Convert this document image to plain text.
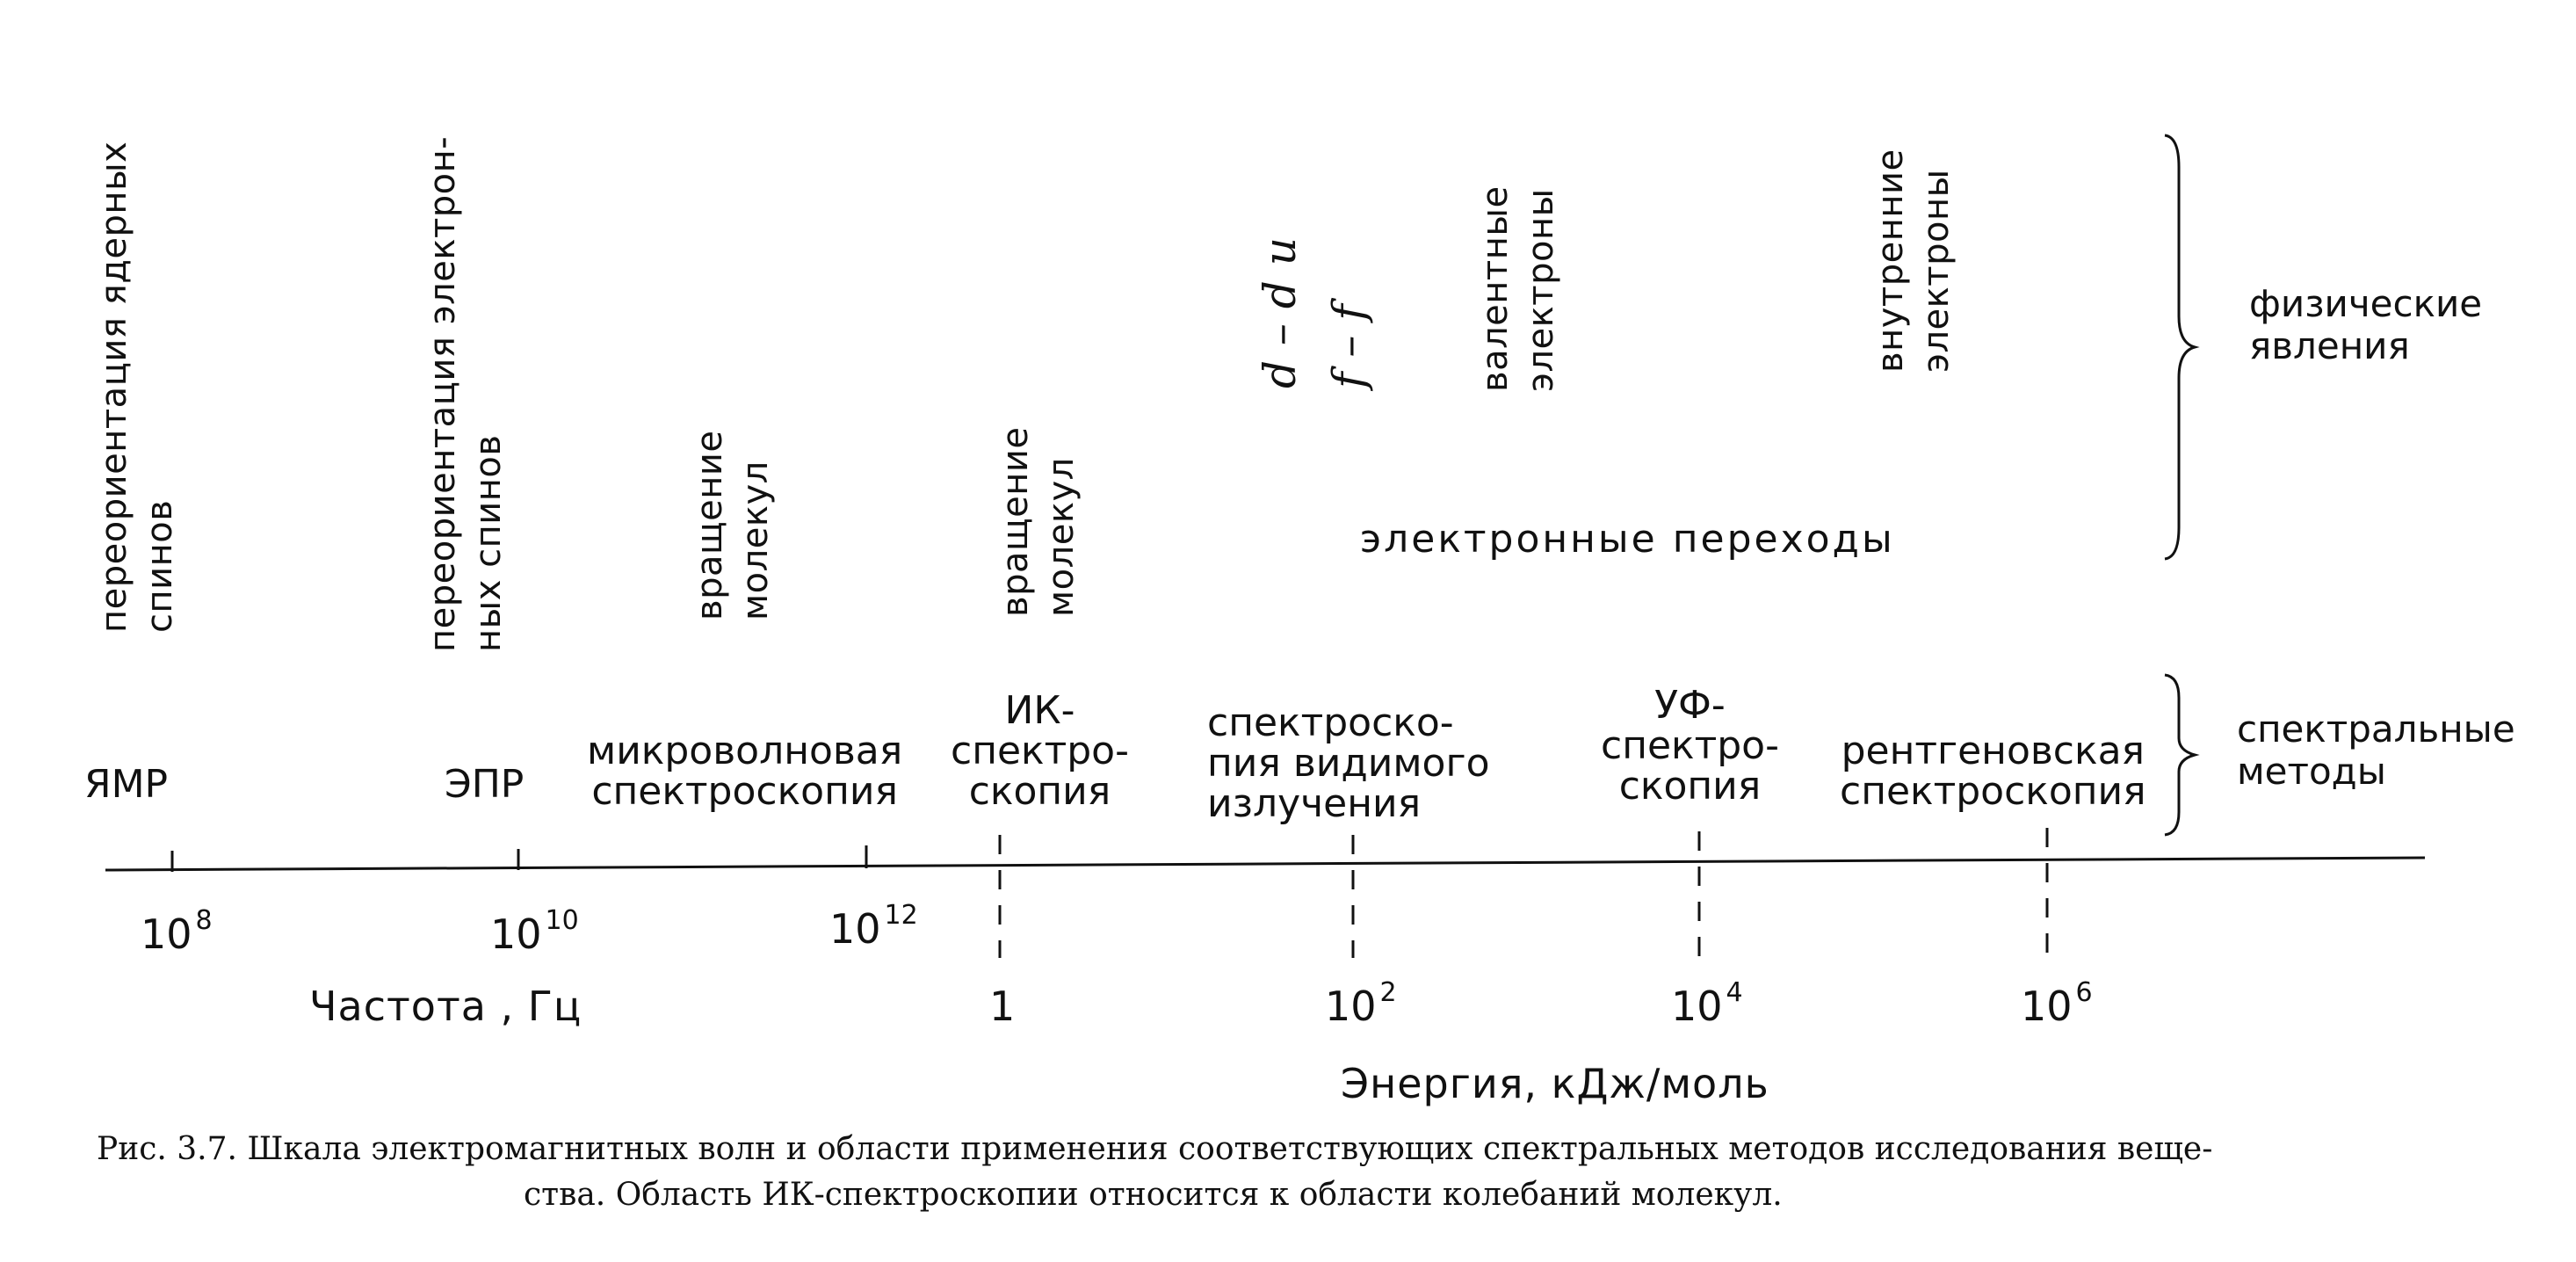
переориентация ядерных спинов	переориентация электрон- ных спинов	вращение молекул	вращение молекул
d – d и f – f	валентные электроны	внутренние электроны
электронные переходы
физические
явления
спектральные
методы
ЯМР	ЭПР
микроволновая
спектроскопия
ИК-
спектро-
скопия
спектроско-
пия видимого
излучения
УФ-
спектро-
скопия
рентгеновская
спектроскопия
10 $^8$	10 $^{10}$	10 $^{12}$
Частота , Гц	1	10 $^2$	10 $^4$	10 $^6$
Энергия, кДж/моль
Рис. 3.7. Шкала электромагнитных волн и области применения соответствующих спектральных методов исследования веще-
ства. Область ИК-спектроскопии относится к области колебаний молекул.
